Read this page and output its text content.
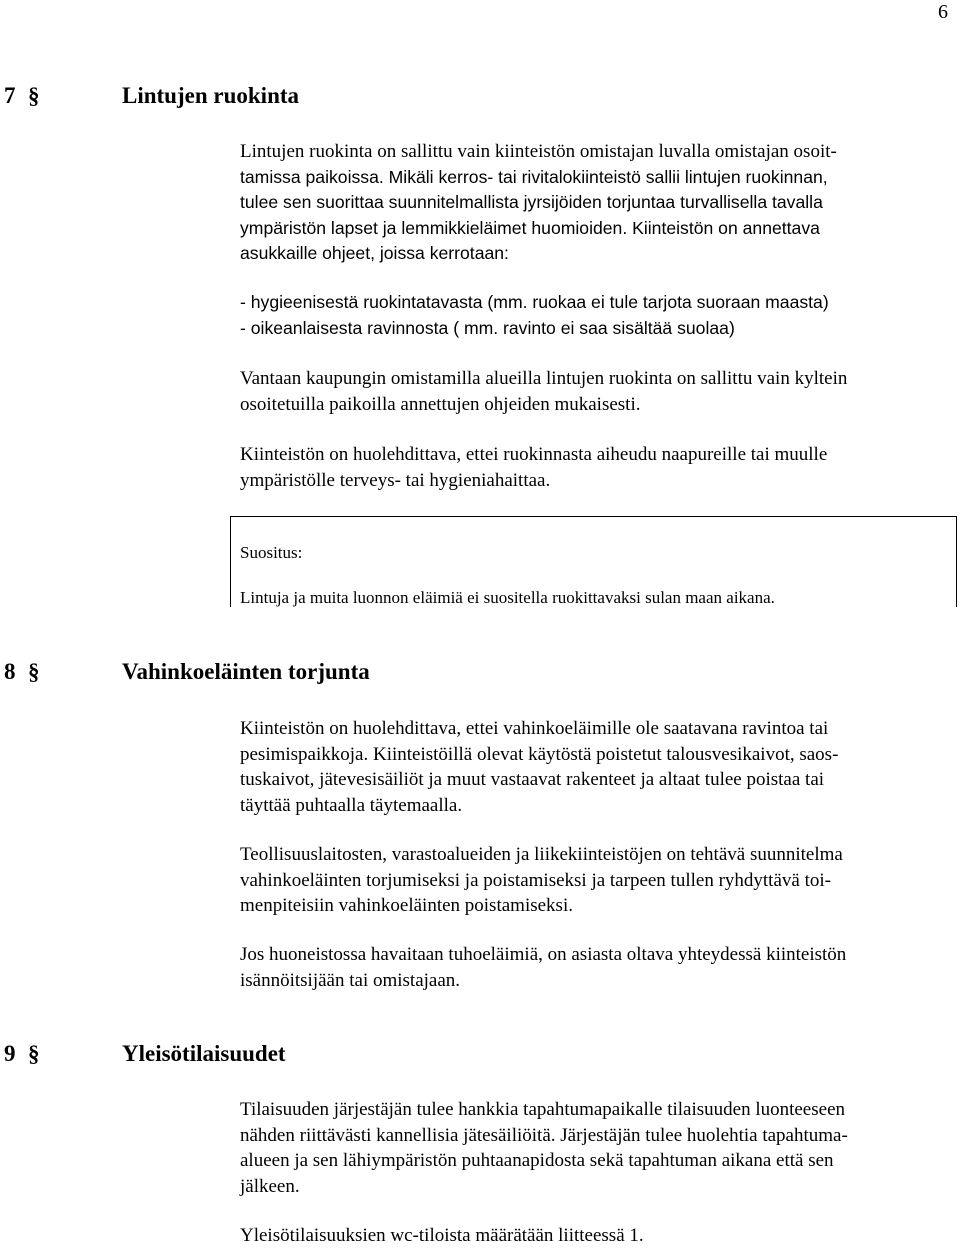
6
7 §	Lintujen ruokinta

Lintujen ruokinta on sallittu vain kiinteistön omistajan luvalla omistajan osoit-
tamissa paikoissa. Mikäli kerros- tai rivitalokiinteistö sallii lintujen ruokinnan,
tulee sen suorittaa suunnitelmallista jyrsijöiden torjuntaa turvallisella tavalla
ympäristön lapset ja lemmikkieläimet huomioiden. Kiinteistön on annettava
asukkaille ohjeet, joissa kerrotaan:

- hygieenisestä ruokintatavasta (mm. ruokaa ei tule tarjota suoraan maasta)
- oikeanlaisesta ravinnosta ( mm. ravinto ei saa sisältää suolaa)

Vantaan kaupungin omistamilla alueilla lintujen ruokinta on sallittu vain kyltein
osoitetuilla paikoilla annettujen ohjeiden mukaisesti.

Kiinteistön on huolehdittava, ettei ruokinnasta aiheudu naapureille tai muulle
ympäristölle terveys- tai hygieniahaittaa.

Suositus:
Lintuja ja muita luonnon eläimiä ei suositella ruokittavaksi sulan maan aikana.
8 §	Vahinkoeläinten torjunta

Kiinteistön on huolehdittava, ettei vahinkoeläimille ole saatavana ravintoa tai
pesimispaikkoja. Kiinteistöillä olevat käytöstä poistetut talousvesikaivot, saos-
tuskaivot, jätevesisäiliöt ja muut vastaavat rakenteet ja altaat tulee poistaa tai
täyttää puhtaalla täytemaalla.

Teollisuuslaitosten, varastoalueiden ja liikekiinteistöjen on tehtävä suunnitelma
vahinkoeläinten torjumiseksi ja poistamiseksi ja tarpeen tullen ryhdyttävä toi-
menpiteisiin vahinkoeläinten poistamiseksi.

Jos huoneistossa havaitaan tuhoeläimiä, on asiasta oltava yhteydessä kiinteistön
isännöitsijään tai omistajaan.

9 §	Yleisötilaisuudet

Tilaisuuden järjestäjän tulee hankkia tapahtumapaikalle tilaisuuden luonteeseen
nähden riittävästi kannellisia jätesäiliöitä. Järjestäjän tulee huolehtia tapahtuma-
alueen ja sen lähiympäristön puhtaanapidosta sekä tapahtuman aikana että sen
jälkeen.

Yleisötilaisuuksien wc-tiloista määrätään liitteessä 1.
